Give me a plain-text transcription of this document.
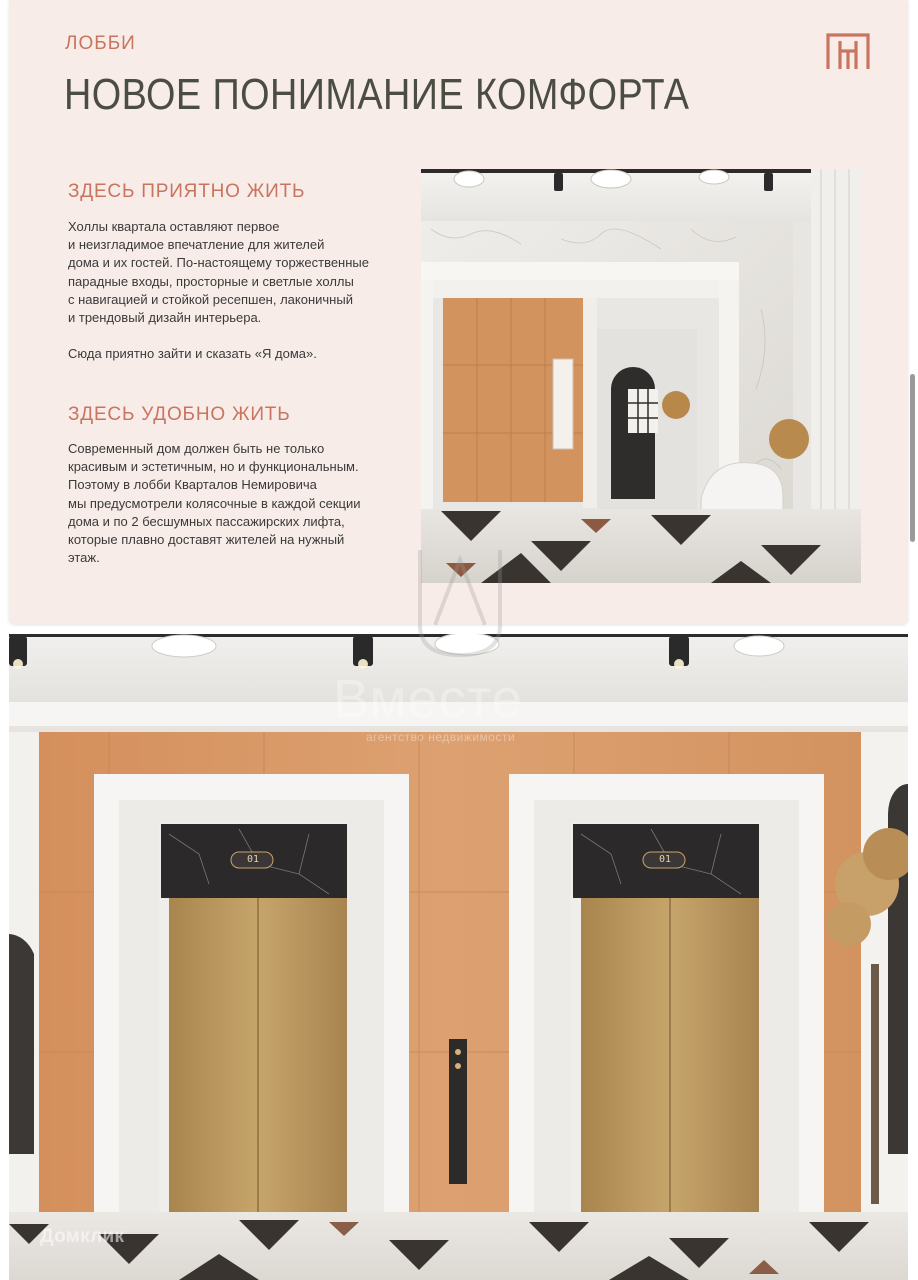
ЛОББИ
НОВОЕ ПОНИМАНИЕ КОМФОРТА
ЗДЕСЬ ПРИЯТНО ЖИТЬ
Холлы квартала оставляют первое
и неизгладимое впечатление для жителей
дома и их гостей. По-настоящему торжественные
парадные входы, просторные и светлые холлы
с навигацией и стойкой ресепшен, лаконичный
и трендовый дизайн интерьера.

Сюда приятно зайти и сказать «Я дома».
ЗДЕСЬ УДОБНО ЖИТЬ
Современный дом должен быть не только
красивым и эстетичным, но и функциональным.
Поэтому в лобби Кварталов Немировича
мы предусмотрели колясочные в каждой секции
дома и по 2 бесшумных пассажирских лифта,
которые плавно доставят жителей на нужный
этаж.
01	01
Вместе
агентство недвижимости
Домклик
